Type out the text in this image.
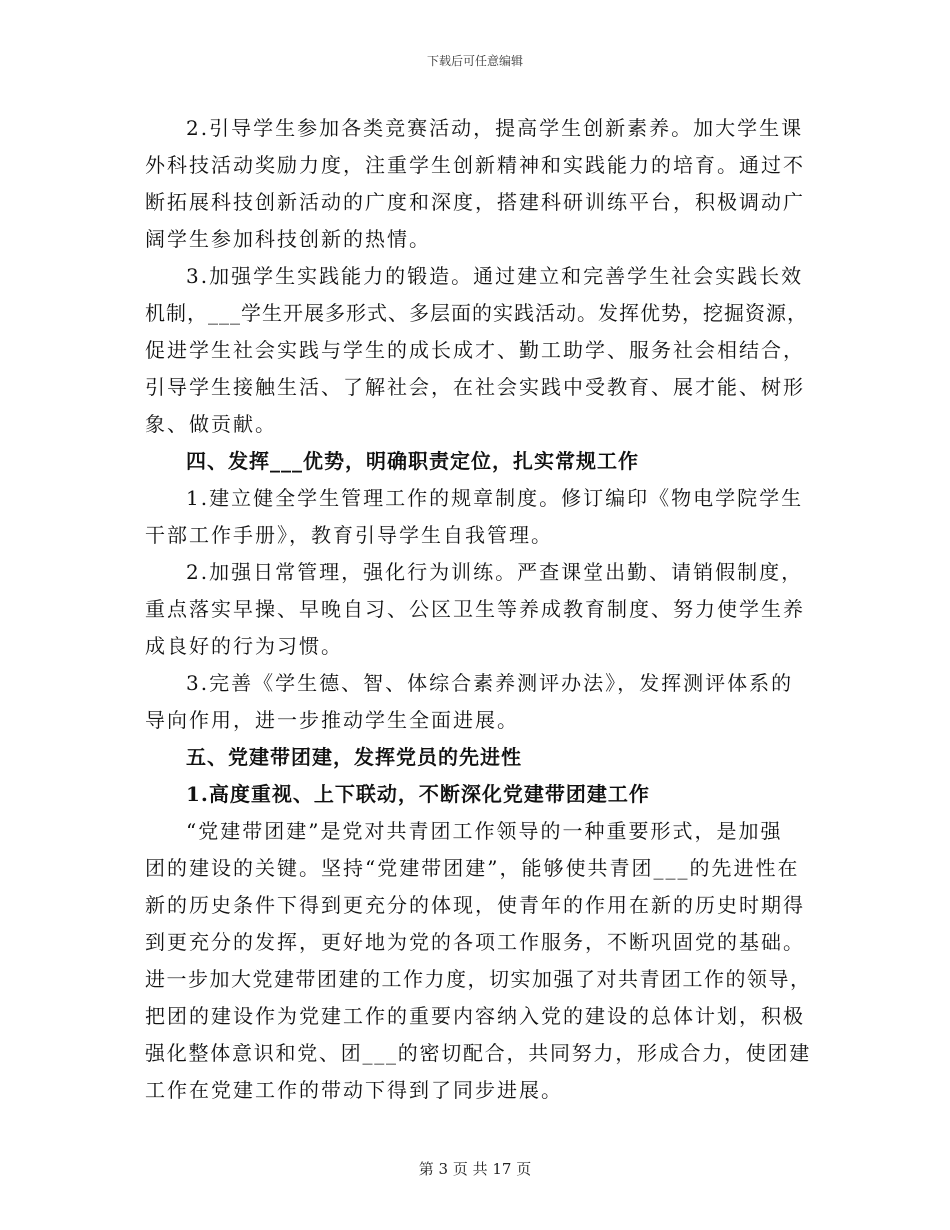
下载后可任意编辑
2.引导学生参加各类竞赛活动，提高学生创新素养。加大学生课
外科技活动奖励力度，注重学生创新精神和实践能力的培育。通过不
断拓展科技创新活动的广度和深度，搭建科研训练平台，积极调动广
阔学生参加科技创新的热情。
3.加强学生实践能力的锻造。通过建立和完善学生社会实践长效
机制，___学生开展多形式、多层面的实践活动。发挥优势，挖掘资源，
促进学生社会实践与学生的成长成才、勤工助学、服务社会相结合，
引导学生接触生活、了解社会，在社会实践中受教育、展才能、树形
象、做贡献。
四、发挥___优势，明确职责定位，扎实常规工作
1.建立健全学生管理工作的规章制度。修订编印《物电学院学生
干部工作手册》，教育引导学生自我管理。
2.加强日常管理，强化行为训练。严查课堂出勤、请销假制度，
重点落实早操、早晚自习、公区卫生等养成教育制度、努力使学生养
成良好的行为习惯。
3.完善《学生德、智、体综合素养测评办法》，发挥测评体系的
导向作用，进一步推动学生全面进展。
五、党建带团建，发挥党员的先进性
1.高度重视、上下联动，不断深化党建带团建工作
“党建带团建”是党对共青团工作领导的一种重要形式，是加强
团的建设的关键。坚持“党建带团建”，能够使共青团___的先进性在
新的历史条件下得到更充分的体现，使青年的作用在新的历史时期得
到更充分的发挥，更好地为党的各项工作服务，不断巩固党的基础。
进一步加大党建带团建的工作力度，切实加强了对共青团工作的领导，
把团的建设作为党建工作的重要内容纳入党的建设的总体计划，积极
强化整体意识和党、团___的密切配合，共同努力，形成合力，使团建
工作在党建工作的带动下得到了同步进展。
第 3 页 共 17 页
